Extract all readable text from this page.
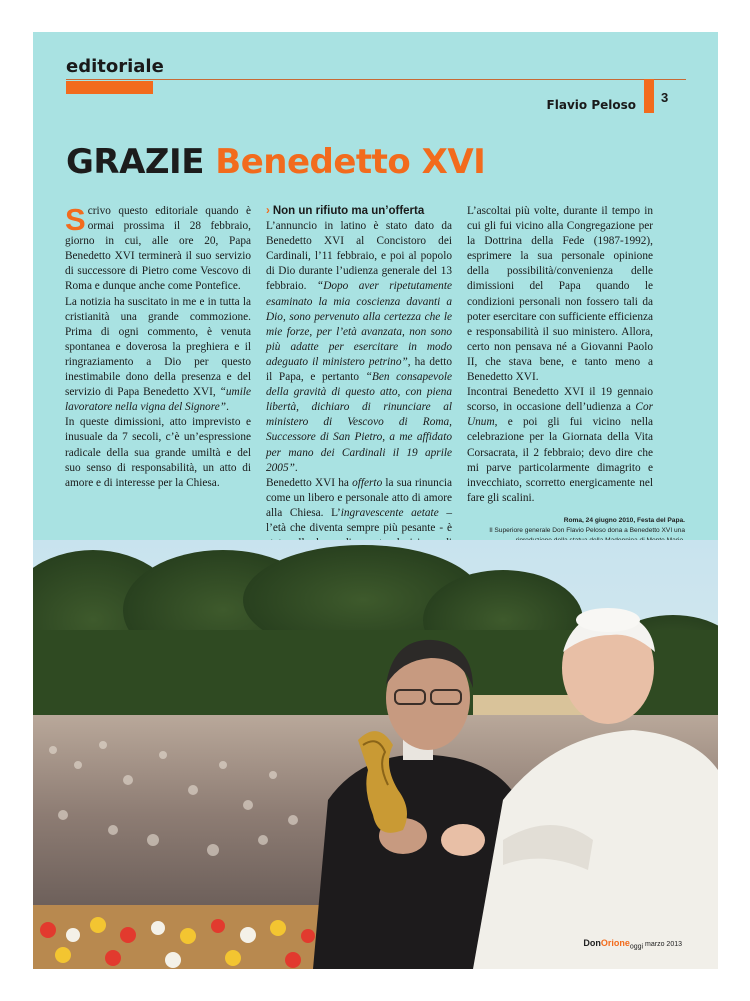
editoriale
Flavio Peloso 3
GRAZIE Benedetto XVI

Scrivo questo editoriale quando è ormai prossima il 28 febbraio, giorno in cui, alle ore 20, Papa Benedetto XVI terminerà il suo servizio di successore di Pietro come Vescovo di Roma e dunque anche come Pontefice.

La notizia ha suscitato in me e in tutta la cristianità una grande commozione. Prima di ogni commento, è venuta spontanea e doverosa la preghiera e il ringraziamento a Dio per questo inestimabile dono della presenza e del servizio di Papa Benedetto XVI, “umile lavoratore nella vigna del Signore”.

In queste dimissioni, atto imprevisto e inusuale da 7 secoli, c’è un’espressione radicale della sua grande umiltà e del suo senso di responsabilità, un atto di amore e di interesse per la Chiesa.

› Non un rifiuto ma un’offerta

L’annuncio in latino è stato dato da Benedetto XVI al Concistoro dei Cardinali, l’11 febbraio, e poi al popolo di Dio durante l’udienza generale del 13 febbraio. “Dopo aver ripetutamente esaminato la mia coscienza davanti a Dio, sono pervenuto alla certezza che le mie forze, per l’età avanzata, non sono più adatte per esercitare in modo adeguato il ministero petrino”, ha detto il Papa, e pertanto “Ben consapevole della gravità di questo atto, con piena libertà, dichiaro di rinunciare al ministero di Vescovo di Roma, Successore di San Pietro, a me affidato per mano dei Cardinali il 19 aprile 2005”.

Benedetto XVI ha offerto la sua rinuncia come un libero e personale atto di amore alla Chiesa. L’ingravescente aetate – l’età che diventa sempre più pesante - è

L’ascoltai più volte, durante il tempo in cui gli fui vicino alla Congregazione per la Dottrina della Fede (1987-1992), esprimere la sua personale opinione della possibilità/convenienza delle dimissioni del Papa quando le condizioni personali non fossero tali da poter esercitare con sufficiente efficienza e responsabilità il suo ministero. Allora, certo non pensava né a Giovanni Paolo II, che stava bene, e tanto meno a Benedetto XVI.

Incontrai Benedetto XVI il 19 gennaio scorso, in occasione dell’udienza a Cor Unum, e poi gli fui vicino nella celebrazione per la Giornata della Vita Corsacrata, il 2 febbraio; devo dire che mi parve particolarmente dimagrito e invecchiato, scorretto energicamente nel fare gli scalini.

Roma, 24 giugno 2010, Festa del Papa.
Il Superiore generale Don Flavio Peloso dona a Benedetto XVI una
DonOrione$_{oggi}$ marzo 2013
